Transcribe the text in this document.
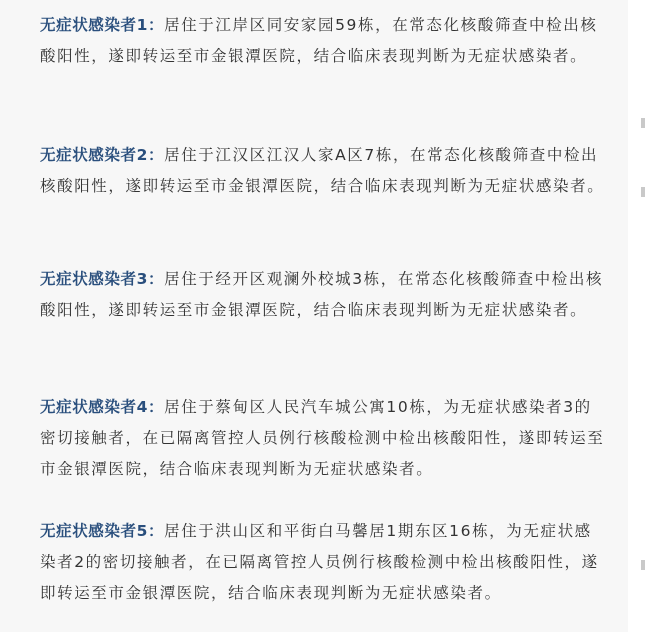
无症状感染者1：居住于江岸区同安家园59栋，在常态化核酸筛查中检出核酸阳性，遂即转运至市金银潭医院，结合临床表现判断为无症状感染者。
无症状感染者2：居住于江汉区江汉人家A区7栋，在常态化核酸筛查中检出核酸阳性，遂即转运至市金银潭医院，结合临床表现判断为无症状感染者。
无症状感染者3：居住于经开区观澜外校城3栋，在常态化核酸筛查中检出核酸阳性，遂即转运至市金银潭医院，结合临床表现判断为无症状感染者。
无症状感染者4：居住于蔡甸区人民汽车城公寓10栋，为无症状感染者3的密切接触者，在已隔离管控人员例行核酸检测中检出核酸阳性，遂即转运至市金银潭医院，结合临床表现判断为无症状感染者。
无症状感染者5：居住于洪山区和平街白马馨居1期东区16栋，为无症状感染者2的密切接触者，在已隔离管控人员例行核酸检测中检出核酸阳性，遂即转运至市金银潭医院，结合临床表现判断为无症状感染者。
